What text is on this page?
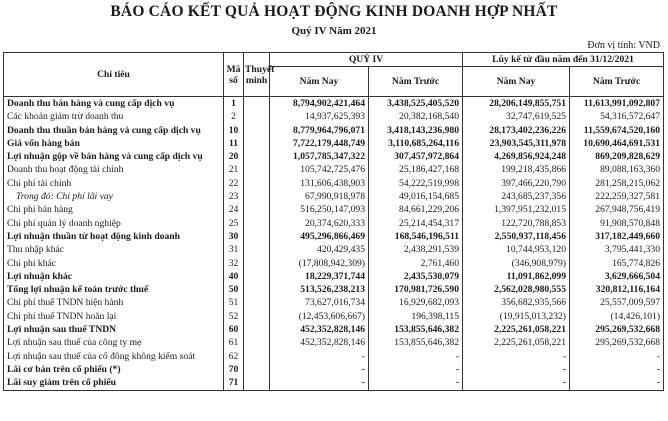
BÁO CÁO KẾT QUẢ HOẠT ĐỘNG KINH DOANH HỢP NHẤT
Quý IV Năm 2021
Đơn vị tính: VND
Chỉ tiêu	Mã số	Thuyết minh	QUÝ IV		Lũy kế từ đầu năm đến 31/12/2021	
			Năm Nay	Năm Trước	Năm Nay	Năm Trước
Doanh thu bán hàng và cung cấp dịch vụ	1		8,794,902,421,464	3,438,525,405,520	28,206,149,855,751	11,613,991,092,807
Các khoản giảm trừ doanh thu	2		14,937,625,393	20,382,168,540	32,747,619,525	54,316,572,647
Doanh thu thuần bán hàng và cung cấp dịch vụ	10		8,779,964,796,071	3,418,143,236,980	28,173,402,236,226	11,559,674,520,160
Giá vốn hàng bán	11		7,722,179,448,749	3,110,685,264,116	23,903,545,311,978	10,690,464,691,531
Lợi nhuận gộp về bán hàng và cung cấp dịch vụ	20		1,057,785,347,322	307,457,972,864	4,269,856,924,248	869,209,828,629
Doanh thu hoạt động tài chính	21		105,742,725,476	25,186,427,168	199,218,435,866	89,088,163,360
Chi phí tài chính	22		131,606,438,903	54,222,519,998	397,466,220,790	281,258,215,062
Trong đó: Chi phí lãi vay	23		67,990,918,978	49,016,154,685	243,685,237,356	222,259,327,581
Chi phí bán hàng	24		516,250,147,093	84,661,229,206	1,397,951,232,015	267,948,756,419
Chi phí quản lý doanh nghiệp	25		20,374,620,333	25,214,454,317	122,720,788,853	91,908,570,848
Lợi nhuận thuần từ hoạt động kinh doanh	30		495,296,866,469	168,546,196,511	2,550,937,118,456	317,182,449,660
Thu nhập khác	31		420,429,435	2,438,291,539	10,744,953,120	3,795,441,330
Chi phí khác	32		(17,808,942,309)	2,761,460	(346,908,979)	165,774,826
Lợi nhuận khác	40		18,229,371,744	2,435,530,079	11,091,862,099	3,629,666,504
Tổng lợi nhuận kế toán trước thuế	50		513,526,238,213	170,981,726,590	2,562,028,980,555	320,812,116,164
Chi phí thuế TNDN hiện hành	51		73,627,016,734	16,929,682,093	356,682,935,566	25,557,009,597
Chi phí thuế TNDN hoãn lại	52		(12,453,606,667)	196,398,115	(19,915,013,232)	(14,426,101)
Lợi nhuận sau thuế TNDN	60		452,352,828,146	153,855,646,382	2,225,261,058,221	295,269,532,668
Lợi nhuận sau thuế của công ty mẹ	61		452,352,828,146	153,855,646,382	2,225,261,058,221	295,269,532,668
Lợi nhuận sau thuế của cổ đông không kiểm soát	62		-	-	-	-
Lãi cơ bản trên cổ phiếu (*)	70		-	-	-	-
Lãi suy giảm trên cổ phiếu	71		-	-	-	-
